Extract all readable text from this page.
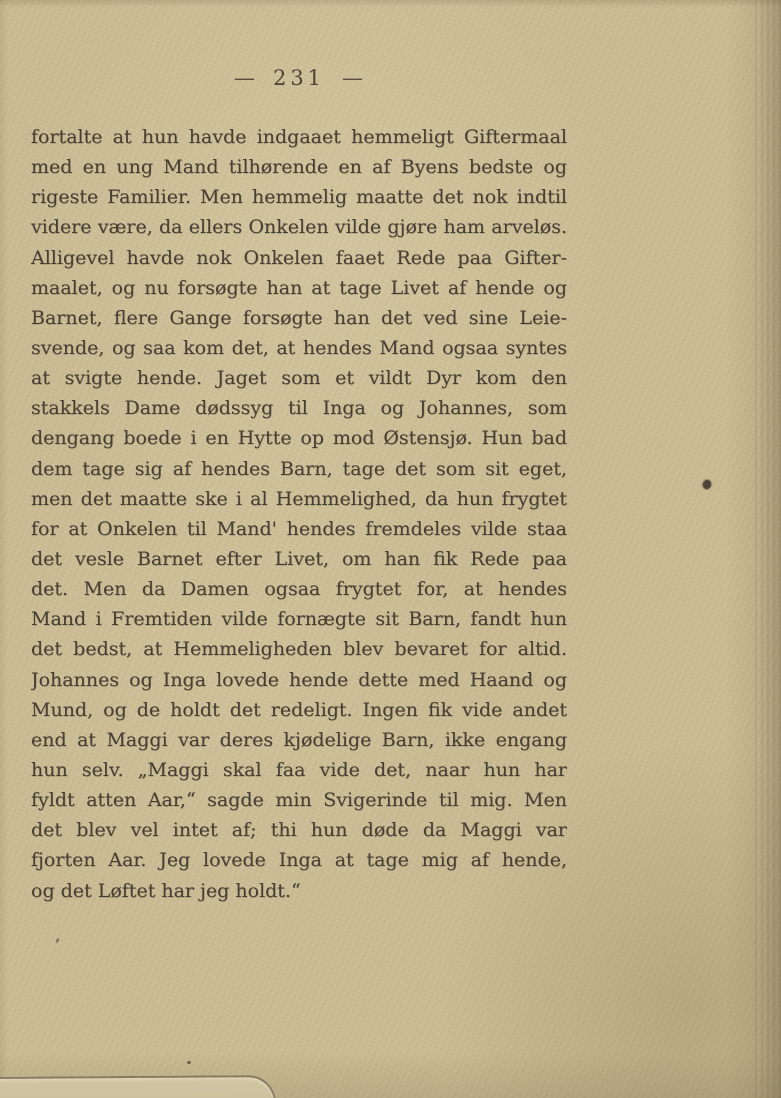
— 231 —
fortalte at hun havde indgaaet hemmeligt Giftermaal
med en ung Mand tilhørende en af Byens bedste og
rigeste Familier. Men hemmelig maatte det nok indtil
videre være, da ellers Onkelen vilde gjøre ham arveløs.
Alligevel havde nok Onkelen faaet Rede paa Gifter-
maalet, og nu forsøgte han at tage Livet af hende og
Barnet, flere Gange forsøgte han det ved sine Leie-
svende, og saa kom det, at hendes Mand ogsaa syntes
at svigte hende. Jaget som et vildt Dyr kom den
stakkels Dame dødssyg til Inga og Johannes, som
dengang boede i en Hytte op mod Østensjø. Hun bad
dem tage sig af hendes Barn, tage det som sit eget,
men det maatte ske i al Hemmelighed, da hun frygtet
for at Onkelen til Mand' hendes fremdeles vilde staa
det vesle Barnet efter Livet, om han fik Rede paa
det. Men da Damen ogsaa frygtet for, at hendes
Mand i Fremtiden vilde fornægte sit Barn, fandt hun
det bedst, at Hemmeligheden blev bevaret for altid.
Johannes og Inga lovede hende dette med Haand og
Mund, og de holdt det redeligt. Ingen fik vide andet
end at Maggi var deres kjødelige Barn, ikke engang
hun selv. „Maggi skal faa vide det, naar hun har
fyldt atten Aar,“ sagde min Svigerinde til mig. Men
det blev vel intet af; thi hun døde da Maggi var
fjorten Aar. Jeg lovede Inga at tage mig af hende,
og det Løftet har jeg holdt.“
